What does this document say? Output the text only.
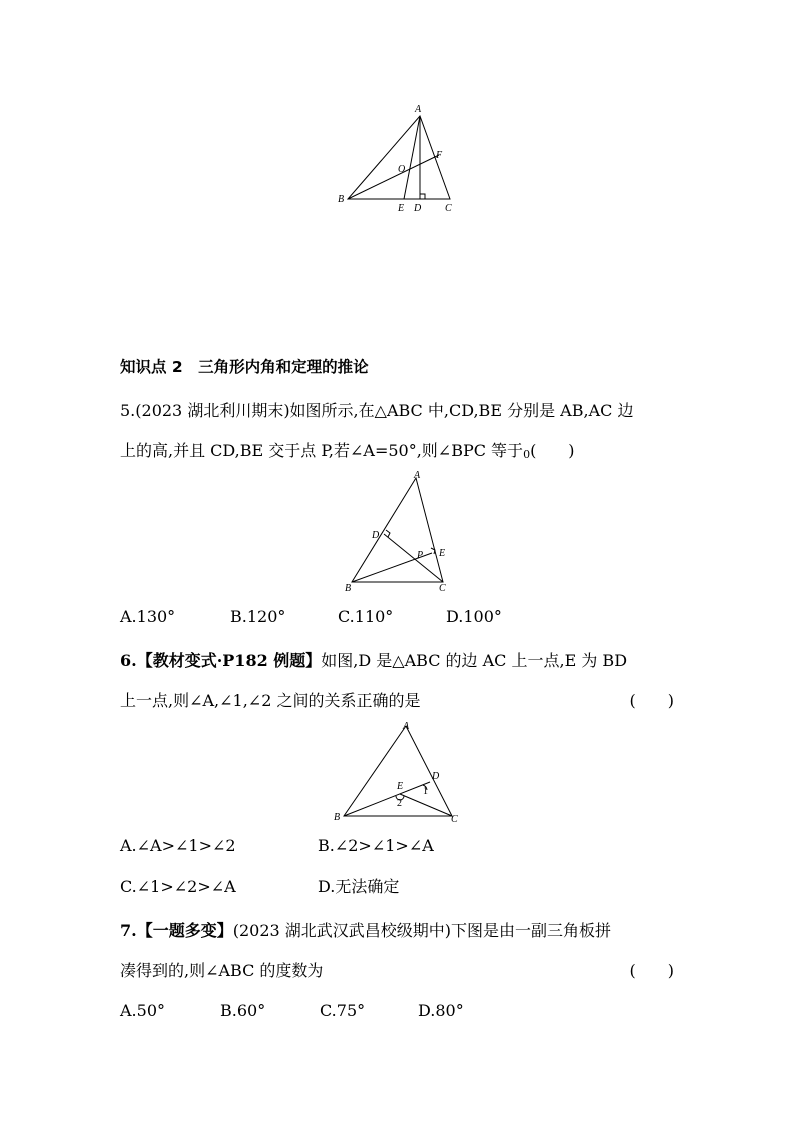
A
O
F
B
E D C
知识点 2　三角形内角和定理的推论
5.(2023 湖北利川期末)如图所示,在△ABC 中,CD,BE 分别是 AB,AC 边
上的高,并且 CD,BE 交于点 P,若∠A=50°,则∠BPC 等于0(　　)
A
D
P E
B	C
A.130°	B.120°	C.110°	D.100°
6.【教材变式·P182 例题】如图,D 是△ABC 的边 AC 上一点,E 为 BD
上一点,则∠A,∠1,∠2 之间的关系正确的是	(　　)
A
E
D
1
2
B	C
A.∠A>∠1>∠2	B.∠2>∠1>∠A
C.∠1>∠2>∠A	D.无法确定
7.【一题多变】(2023 湖北武汉武昌校级期中)下图是由一副三角板拼
凑得到的,则∠ABC 的度数为	(　　)
A.50°	B.60°	C.75°	D.80°
